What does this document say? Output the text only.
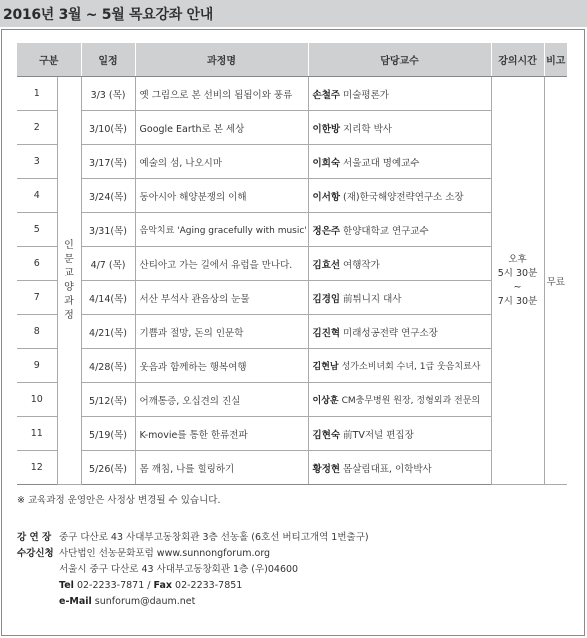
2016년 3월 ~ 5월 목요강좌 안내
구분		일정	과정명	담당교수	강의시간	비고
1	인문교양과정	3/3 (목)	옛 그림으로 본 선비의 됨됨이와 풍류	손철주 미술평론가	오후
5시 30분
~
7시 30분	무료
2		3/10(목)	Google Earth로 본 세상	이한방 지리학 박사		
3		3/17(목)	예술의 섬, 나오시마	이희숙 서울교대 명예교수		
4		3/24(목)	동아시아 해양분쟁의 이해	이서항 (재)한국해양전략연구소 소장		
5		3/31(목)	음악치료 'Aging gracefully with music'	정은주 한양대학교 연구교수		
6		4/7 (목)	산티아고 가는 길에서 유럽을 만나다.	김효선 여행작가		
7		4/14(목)	서산 부석사 관음상의 눈물	김경임 前튀니지 대사		
8		4/21(목)	기쁨과 절망, 돈의 인문학	김진혁 미래성공전략 연구소장		
9		4/28(목)	웃음과 함께하는 행복여행	김현남 성가소비녀회 수녀, 1급 웃음치료사		
10		5/12(목)	어깨통증, 오십견의 진실	이상훈 CM충무병원 원장, 정형외과 전문의		
11		5/19(목)	K-movie를 통한 한류전파	김현숙 前TV저널 편집장		
12		5/26(목)	몸 깨침, 나를 힐링하기	황정현 몸살림대표, 이학박사		
※ 교육과정 운영안은 사정상 변경될 수 있습니다.
강 연 장 중구 다산로 43 사대부고동창회관 3층 선농홀 (6호선 버티고개역 1번출구)
수강신청 사단법인 선농문화포럼 www.sunnongforum.org
서울시 중구 다산로 43 사대부고동창회관 1층 (우)04600
Tel 02-2233-7871 / Fax 02-2233-7851
e-Mail sunforum@daum.net
